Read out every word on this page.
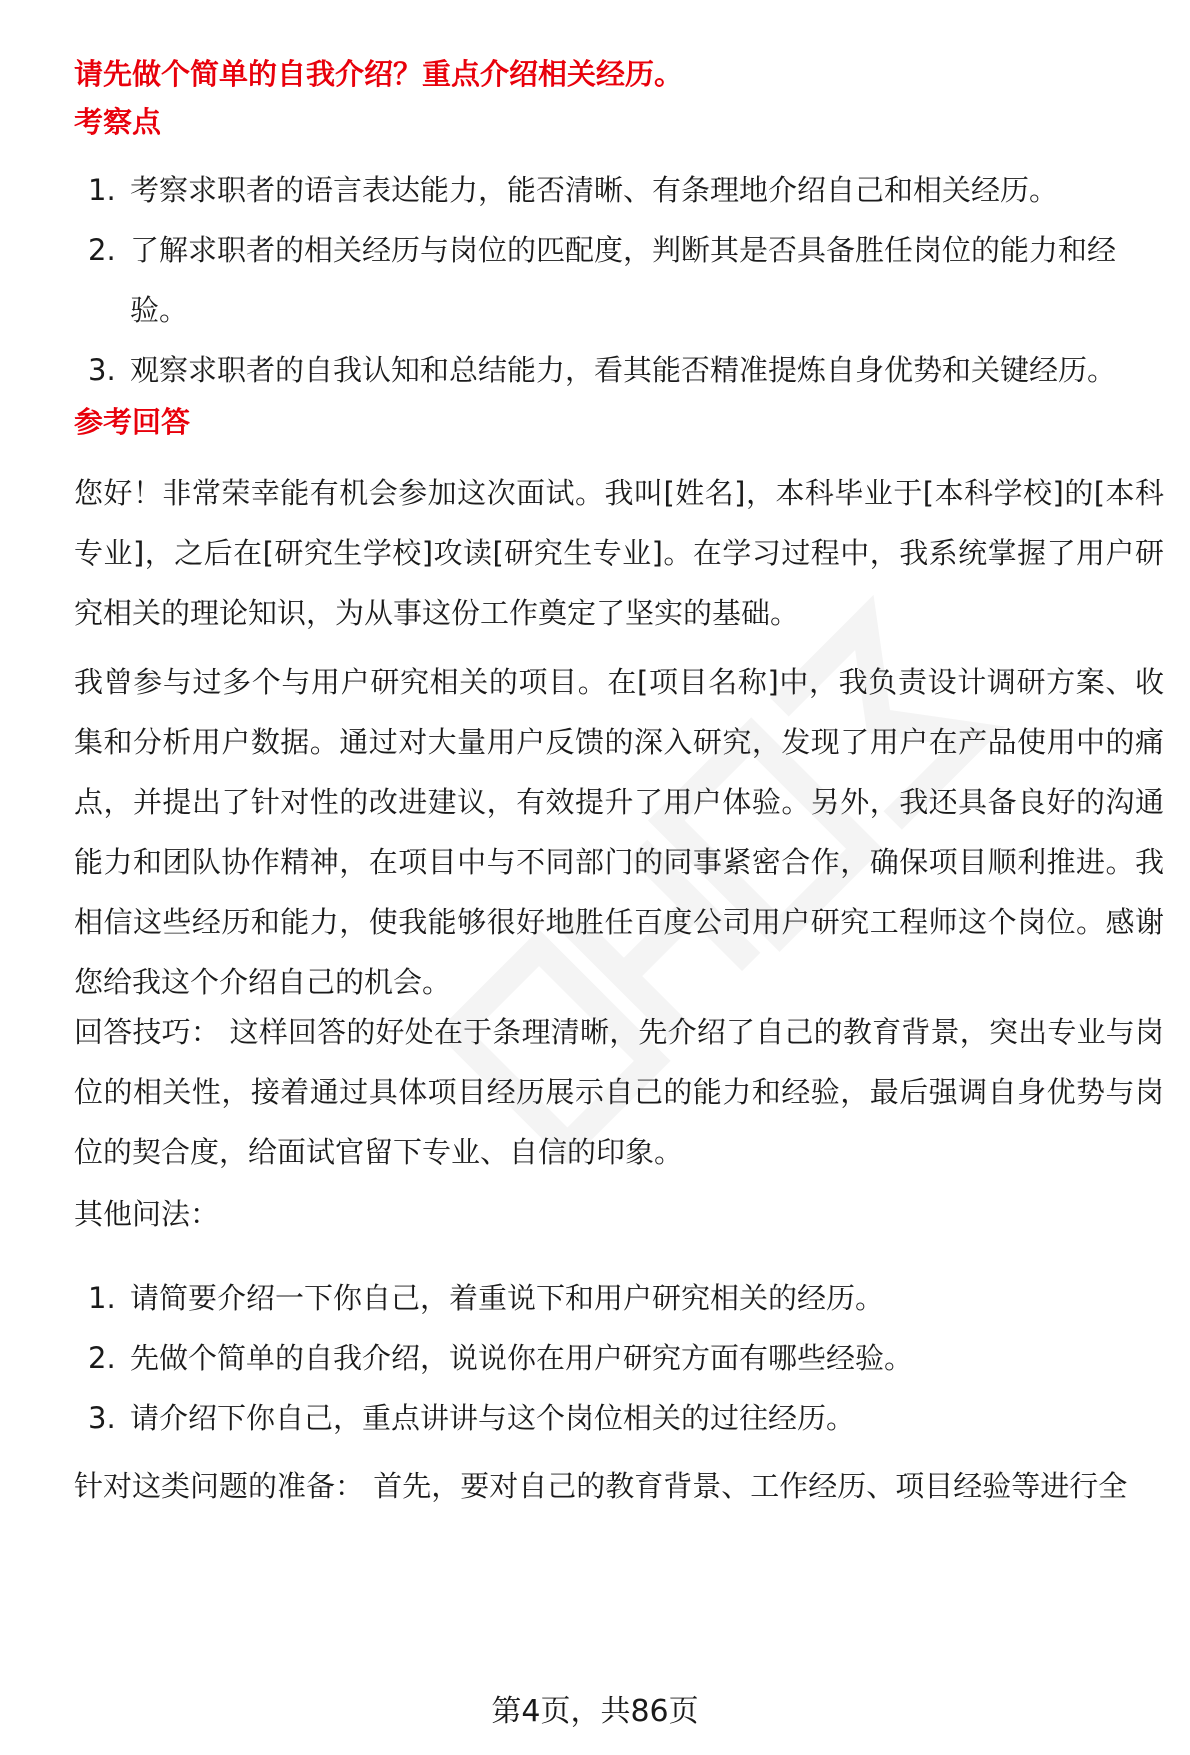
请先做个简单的自我介绍？重点介绍相关经历。
考察点
1. 考察求职者的语言表达能力，能否清晰、有条理地介绍自己和相关经历。
2. 了解求职者的相关经历与岗位的匹配度，判断其是否具备胜任岗位的能力和经验。
3. 观察求职者的自我认知和总结能力，看其能否精准提炼自身优势和关键经历。
参考回答

您好！非常荣幸能有机会参加这次面试。我叫[姓名]，本科毕业于[本科学校]的[本科专业]，之后在[研究生学校]攻读[研究生专业]。在学习过程中，我系统掌握了用户研究相关的理论知识，为从事这份工作奠定了坚实的基础。

我曾参与过多个与用户研究相关的项目。在[项目名称]中，我负责设计调研方案、收集和分析用户数据。通过对大量用户反馈的深入研究，发现了用户在产品使用中的痛点，并提出了针对性的改进建议，有效提升了用户体验。另外，我还具备良好的沟通能力和团队协作精神，在项目中与不同部门的同事紧密合作，确保项目顺利推进。我相信这些经历和能力，使我能够很好地胜任百度公司用户研究工程师这个岗位。感谢您给我这个介绍自己的机会。

回答技巧： 这样回答的好处在于条理清晰，先介绍了自己的教育背景，突出专业与岗位的相关性，接着通过具体项目经历展示自己的能力和经验，最后强调自身优势与岗位的契合度，给面试官留下专业、自信的印象。

其他问法：
1. 请简要介绍一下你自己，着重说下和用户研究相关的经历。
2. 先做个简单的自我介绍，说说你在用户研究方面有哪些经验。
3. 请介绍下你自己，重点讲讲与这个岗位相关的过往经历。

针对这类问题的准备： 首先，要对自己的教育背景、工作经历、项目经验等进行全

第4页，共86页
